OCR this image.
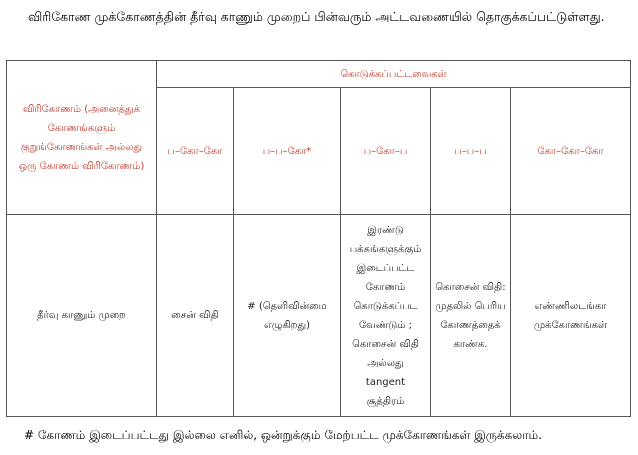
விரிகோண முக்கோணத்தின் தீர்வு காணும் முறைப் பின்வரும் அட்டவணையில் தொகுக்கப்பட்டுள்ளது.
விரிகோணம் (அனைத்துக் கோணங்களும் குறுங்கோணங்கள் அல்லது ஒரு கோணம் விரிகோணம்)	கொடுக்கப்பட்டவைகள்				
	ப–கோ–கோ	ப–ப–கோ*	ப–கோ–ப	ப–ப–ப	கோ–கோ–கோ
தீர்வு காணும் முறை	சைன் விதி	# (தெளிவின்மை எழுகிறது)	இரண்டு பக்கங்களுக்கும் இடைப்பட்ட கோணம் கொடுக்கப்பட வேண்டும் ; கொசைன் விதி அல்லது tangent சூத்திரம்	கொசைன் விதி: முதலில் பெரிய கோணத்தைக் காண்க.	எண்ணிலடங்கா முக்கோணங்கள்
# கோணம் இடைப்பட்டது இல்லை எனில், ஒன்றுக்கும் மேற்பட்ட முக்கோணங்கள் இருக்கலாம்.
